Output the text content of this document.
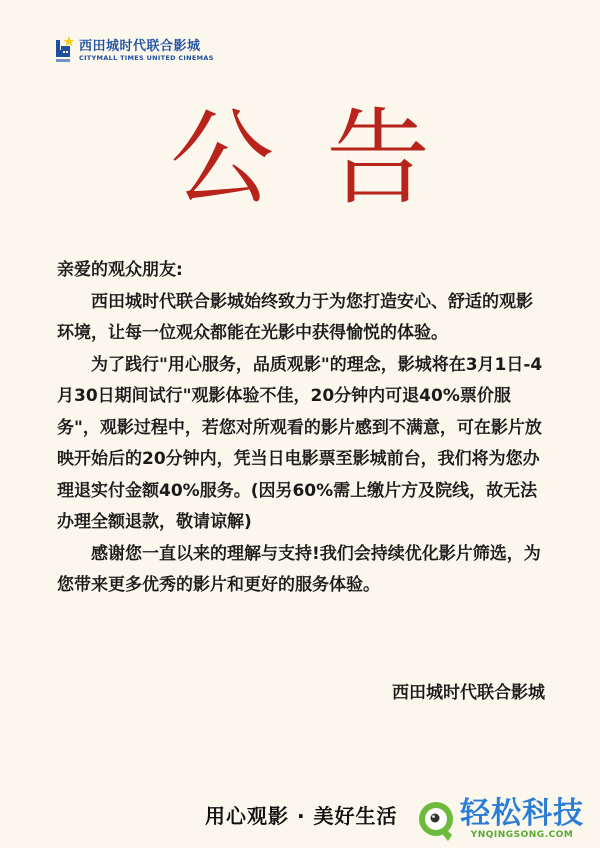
西田城时代联合影城
CITYMALL TIMES UNITED CINEMAS
公告
亲爱的观众朋友:
西田城时代联合影城始终致力于为您打造安心、舒适的观影环境，让每一位观众都能在光影中获得愉悦的体验。
为了践行"用心服务，品质观影"的理念，影城将在3月1日-4月30日期间试行"观影体验不佳，20分钟内可退40%票价服务"，观影过程中，若您对所观看的影片感到不满意，可在影片放映开始后的20分钟内，凭当日电影票至影城前台，我们将为您办理退实付金额40%服务。(因另60%需上缴片方及院线，故无法办理全额退款，敬请谅解)
感谢您一直以来的理解与支持!我们会持续优化影片筛选，为您带来更多优秀的影片和更好的服务体验。
西田城时代联合影城
用心观影 · 美好生活 轻松科技
YNQINGSONG.COM
